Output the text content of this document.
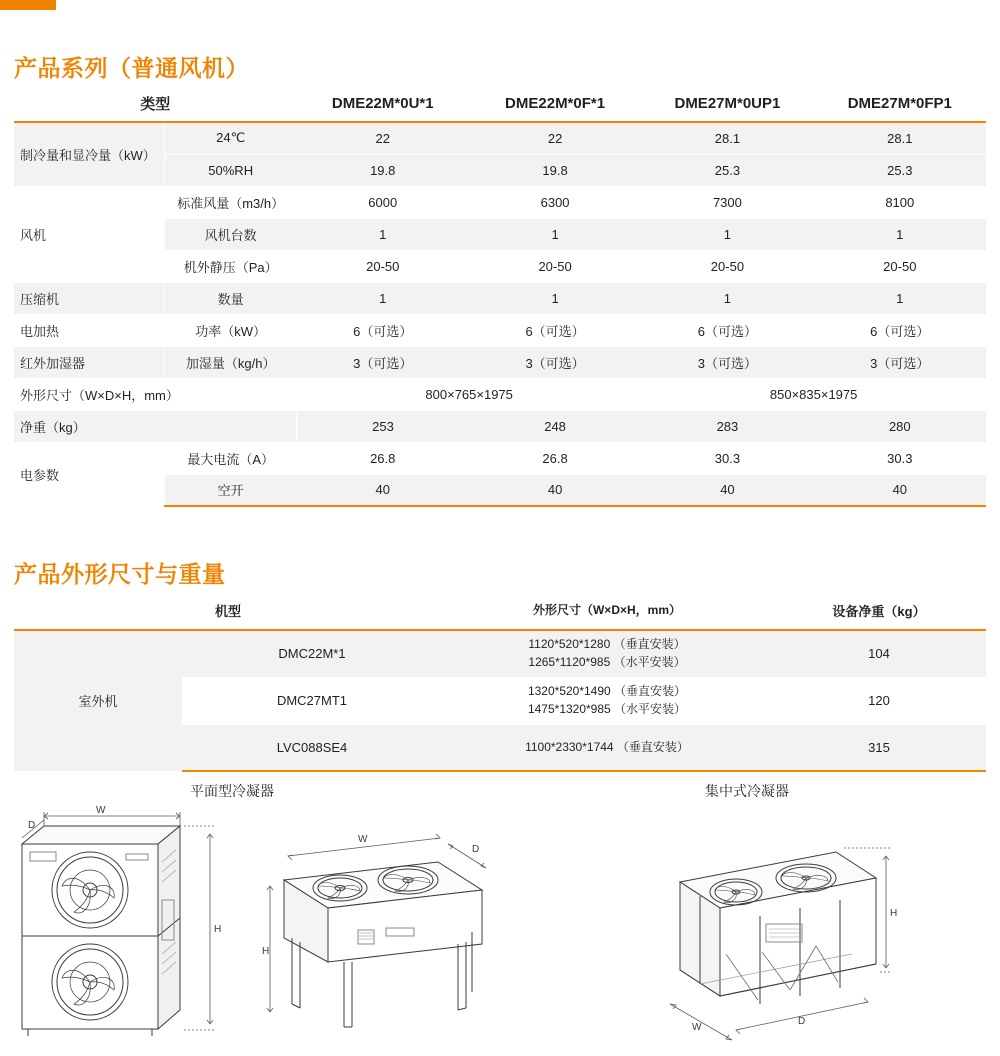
产品系列（普通风机）
类型		DME22M*0U*1	DME22M*0F*1	DME27M*0UP1	DME27M*0FP1
制冷量和显冷量（kW）	24℃	22	22	28.1	28.1
	50%RH	19.8	19.8	25.3	25.3
风机	标准风量（m3/h）	6000	6300	7300	8100
	风机台数	1	1	1	1
	机外静压（Pa）	20-50	20-50	20-50	20-50
压缩机	数量	1	1	1	1
电加热	功率（kW）	6（可选）	6（可选）	6（可选）	6（可选）
红外加湿器	加湿量（kg/h）	3（可选）	3（可选）	3（可选）	3（可选）
外形尺寸（W×D×H，mm）		800×765×1975		850×835×1975	
净重（kg）		253	248	283	280
电参数	最大电流（A）	26.8	26.8	30.3	30.3
	空开	40	40	40	40
产品外形尺寸与重量
机型		外形尺寸（W×D×H，mm）	设备净重（kg）
室外机	DMC22M*1	1120*520*1280 （垂直安装）
1265*1120*985 （水平安装）	104
	DMC27MT1	1320*520*1490 （垂直安装）
1475*1320*985 （水平安装）	120
	LVC088SE4	1100*2330*1744 （垂直安装）	315
平面型冷凝器	集中式冷凝器
W
D
H
W
D
H
H
D
W
